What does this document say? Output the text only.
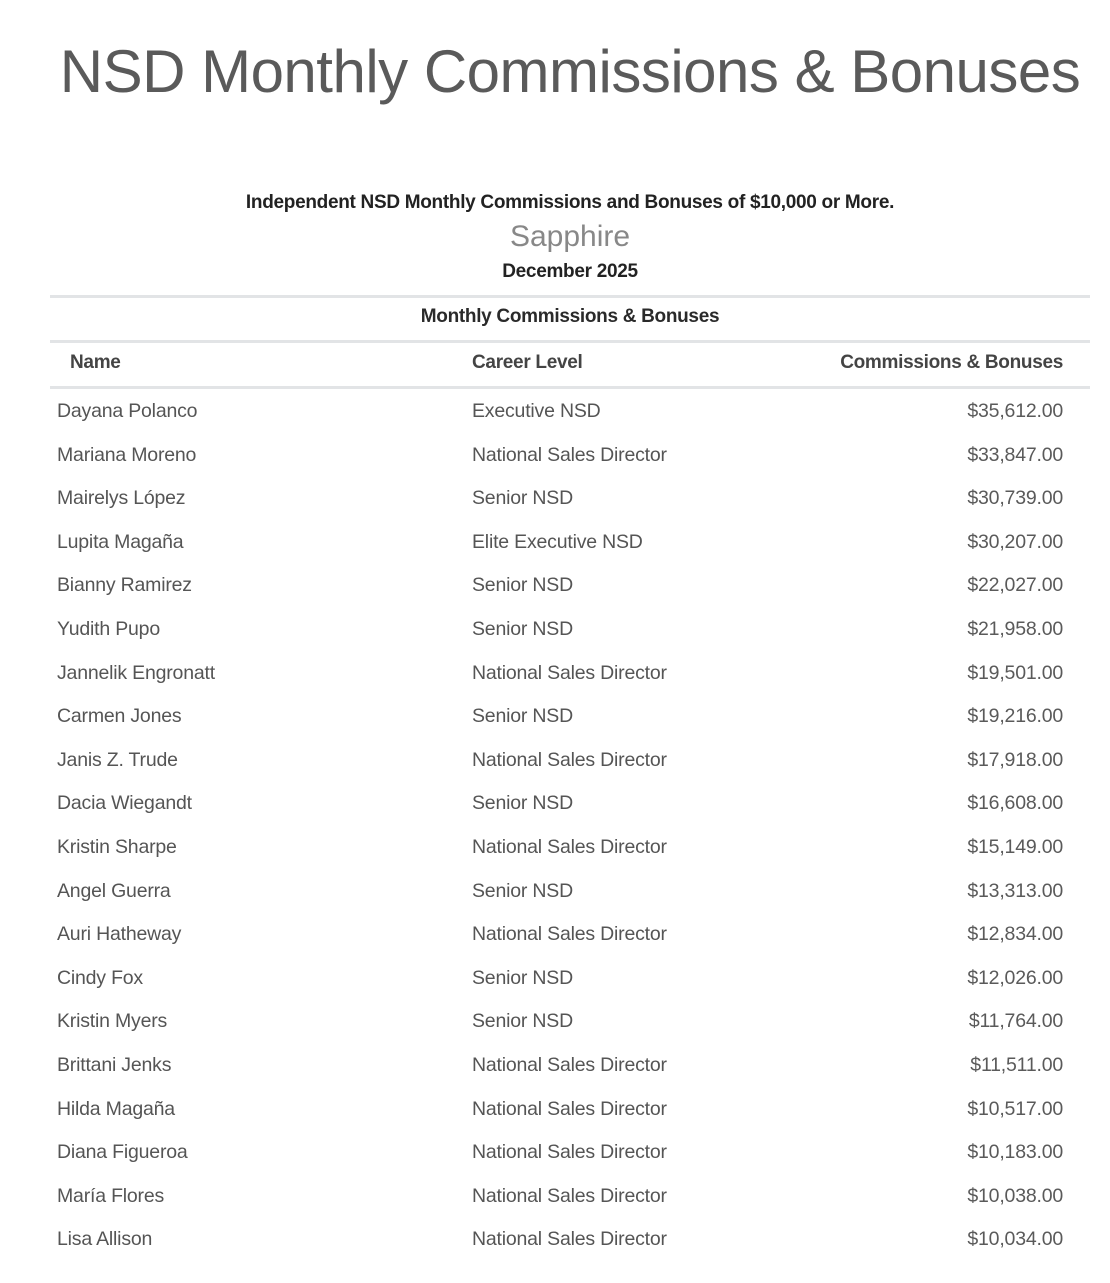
NSD Monthly Commissions & Bonuses
Independent NSD Monthly Commissions and Bonuses of $10,000 or More.
Sapphire
December 2025
Monthly Commissions & Bonuses
Name	Career Level	Commissions & Bonuses
Dayana Polanco	Executive NSD	$35,612.00
Mariana Moreno	National Sales Director	$33,847.00
Mairelys López	Senior NSD	$30,739.00
Lupita Magaña	Elite Executive NSD	$30,207.00
Bianny Ramirez	Senior NSD	$22,027.00
Yudith Pupo	Senior NSD	$21,958.00
Jannelik Engronatt	National Sales Director	$19,501.00
Carmen Jones	Senior NSD	$19,216.00
Janis Z. Trude	National Sales Director	$17,918.00
Dacia Wiegandt	Senior NSD	$16,608.00
Kristin Sharpe	National Sales Director	$15,149.00
Angel Guerra	Senior NSD	$13,313.00
Auri Hatheway	National Sales Director	$12,834.00
Cindy Fox	Senior NSD	$12,026.00
Kristin Myers	Senior NSD	$11,764.00
Brittani Jenks	National Sales Director	$11,511.00
Hilda Magaña	National Sales Director	$10,517.00
Diana Figueroa	National Sales Director	$10,183.00
María Flores	National Sales Director	$10,038.00
Lisa Allison	National Sales Director	$10,034.00
